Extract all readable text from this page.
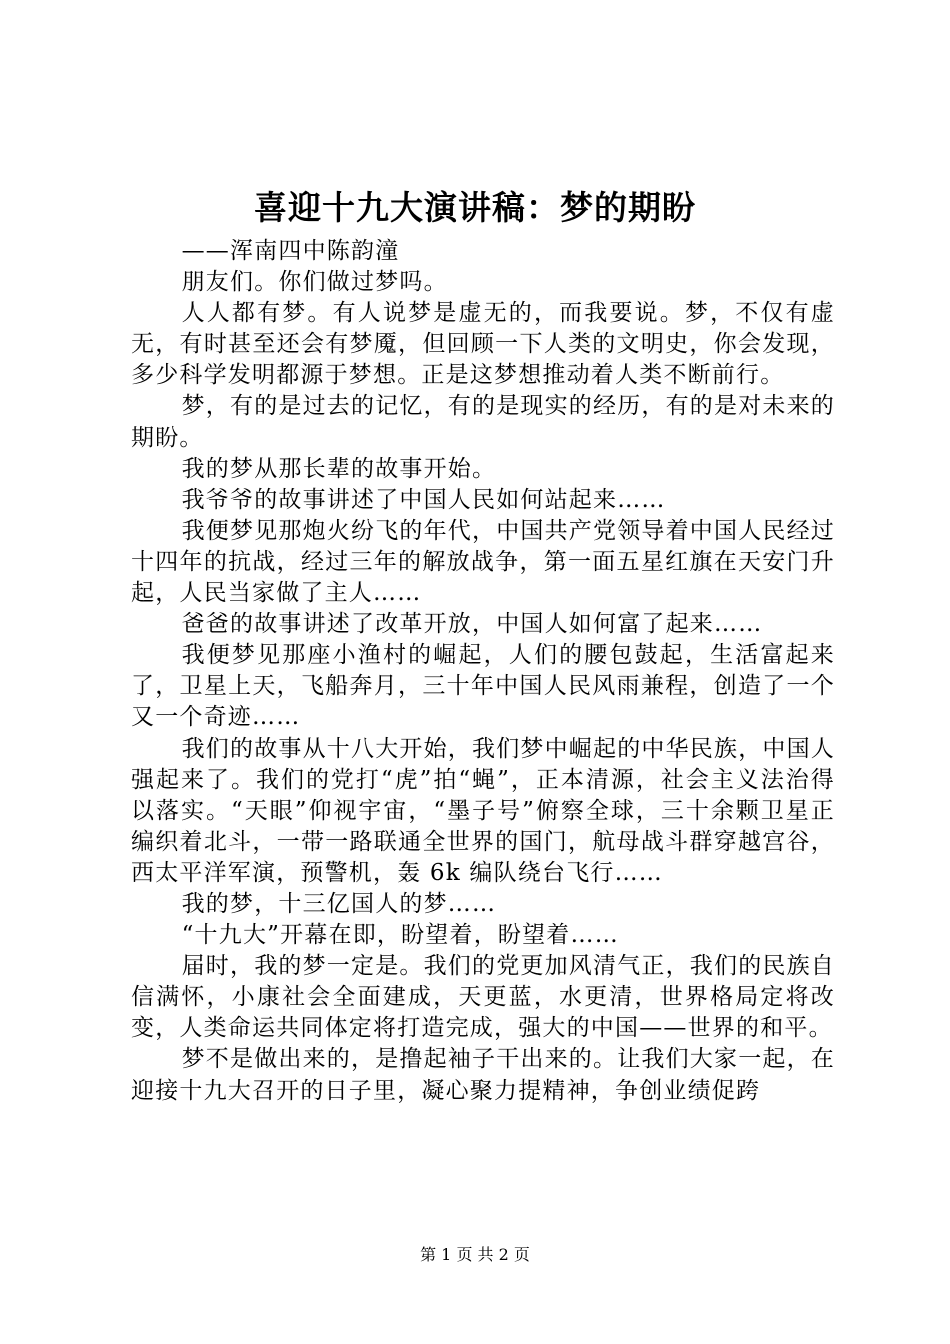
喜迎十九大演讲稿：梦的期盼

——浑南四中陈韵潼

朋友们。你们做过梦吗。

人人都有梦。有人说梦是虚无的，而我要说。梦，不仅有虚无，有时甚至还会有梦魇，但回顾一下人类的文明史，你会发现，多少科学发明都源于梦想。正是这梦想推动着人类不断前行。

梦，有的是过去的记忆，有的是现实的经历，有的是对未来的期盼。

我的梦从那长辈的故事开始。

我爷爷的故事讲述了中国人民如何站起来……

我便梦见那炮火纷飞的年代，中国共产党领导着中国人民经过十四年的抗战，经过三年的解放战争，第一面五星红旗在天安门升起，人民当家做了主人……

爸爸的故事讲述了改革开放，中国人如何富了起来……

我便梦见那座小渔村的崛起，人们的腰包鼓起，生活富起来了，卫星上天，飞船奔月，三十年中国人民风雨兼程，创造了一个又一个奇迹……

我们的故事从十八大开始，我们梦中崛起的中华民族，中国人强起来了。我们的党打“虎”拍“蝇”，正本清源，社会主义法治得以落实。“天眼”仰视宇宙，“墨子号”俯察全球，三十余颗卫星正编织着北斗，一带一路联通全世界的国门，航母战斗群穿越宫谷，西太平洋军演，预警机，轰 6k 编队绕台飞行……

我的梦，十三亿国人的梦……

“十九大”开幕在即，盼望着，盼望着……

届时，我的梦一定是。我们的党更加风清气正，我们的民族自信满怀，小康社会全面建成，天更蓝，水更清，世界格局定将改变，人类命运共同体定将打造完成，强大的中国——世界的和平。

梦不是做出来的，是撸起袖子干出来的。让我们大家一起，在迎接十九大召开的日子里，凝心聚力提精神，争创业绩促跨

第 1 页 共 2 页
